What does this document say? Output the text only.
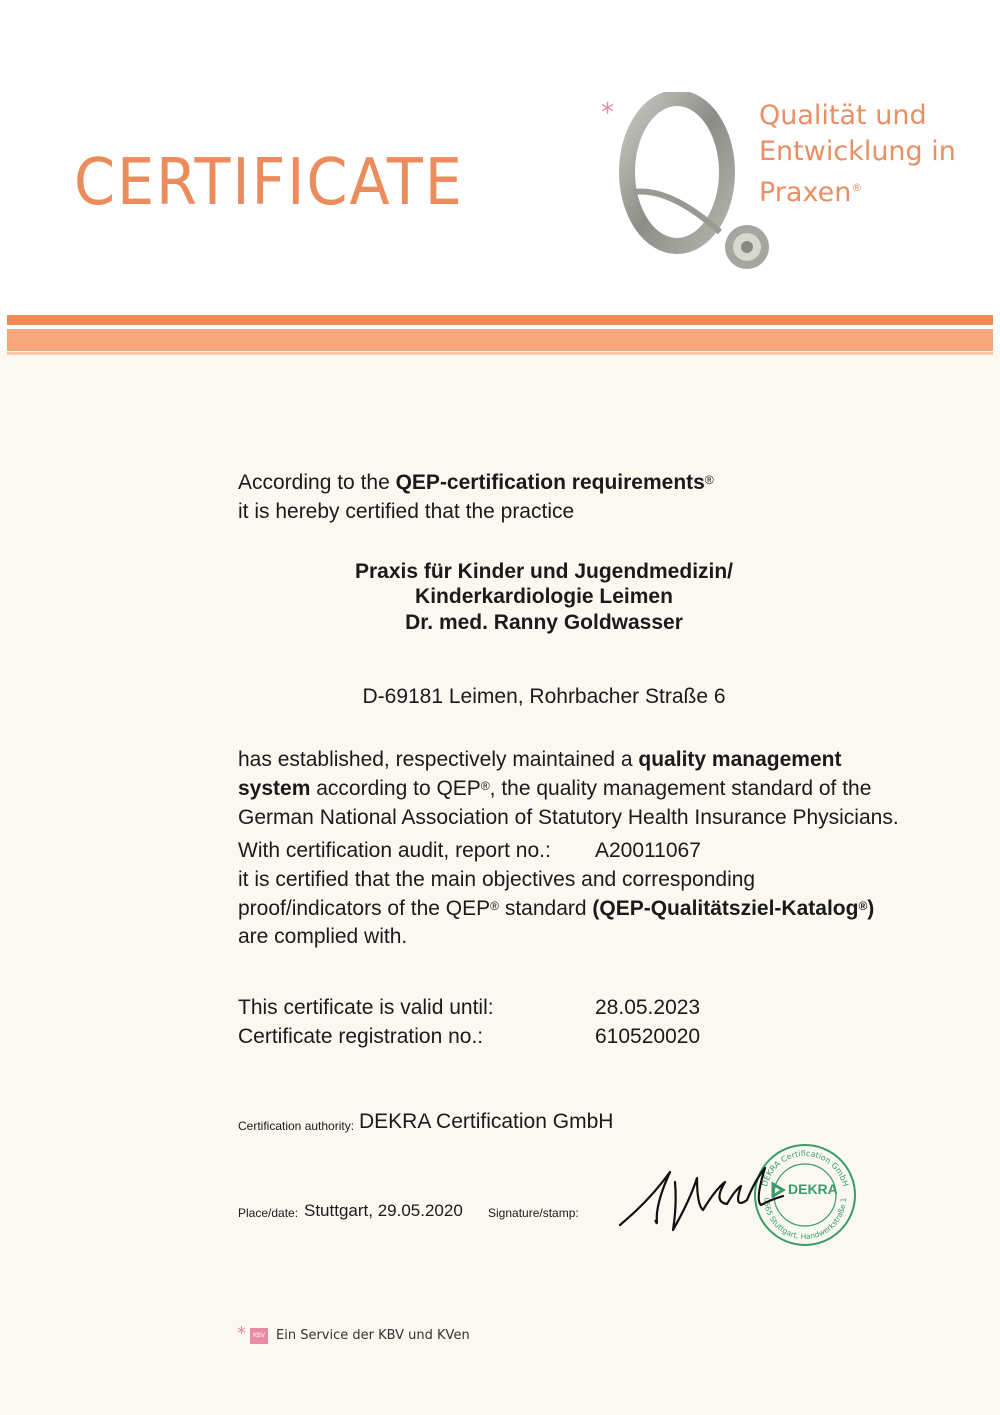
CERTIFICATE
*	Qualität und
Entwicklung in
Praxen®
According to the QEP-certification requirements®
it is hereby certified that the practice
Praxis für Kinder und Jugendmedizin/
Kinderkardiologie Leimen
Dr. med. Ranny Goldwasser
D-69181 Leimen, Rohrbacher Straße 6
has established, respectively maintained a quality management
system according to QEP®, the quality management standard of the
German National Association of Statutory Health Insurance Physicians.
With certification audit, report no.: A20011067
it is certified that the main objectives and corresponding
proof/indicators of the QEP® standard (QEP-Qualitätsziel-Katalog®)
are complied with.
This certificate is valid until:	28.05.2023
Certificate registration no.:	610520020
Certification authority: DEKRA Certification GmbH
Place/date: Stuttgart, 29.05.2020 Signature/stamp:
DEKRA Certification GmbH
0565 Stuttgart, Handwerkstraße 1
DEKRA
* KBV Ein Service der KBV und KVen
